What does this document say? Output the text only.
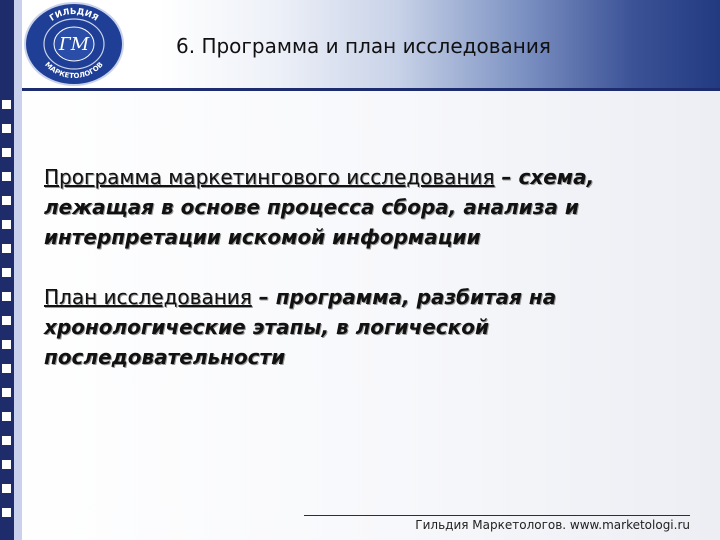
ГИЛЬДИЯ
МАРКЕТОЛОГОВ
ГМ	6. Программа и план исследования

Программа маркетингового исследования – схема, лежащая в основе процесса сбора, анализа и интерпретации искомой информации

План исследования – программа, разбитая на хронологические этапы, в логической последовательности

Гильдия Маркетологов. www.marketologi.ru
